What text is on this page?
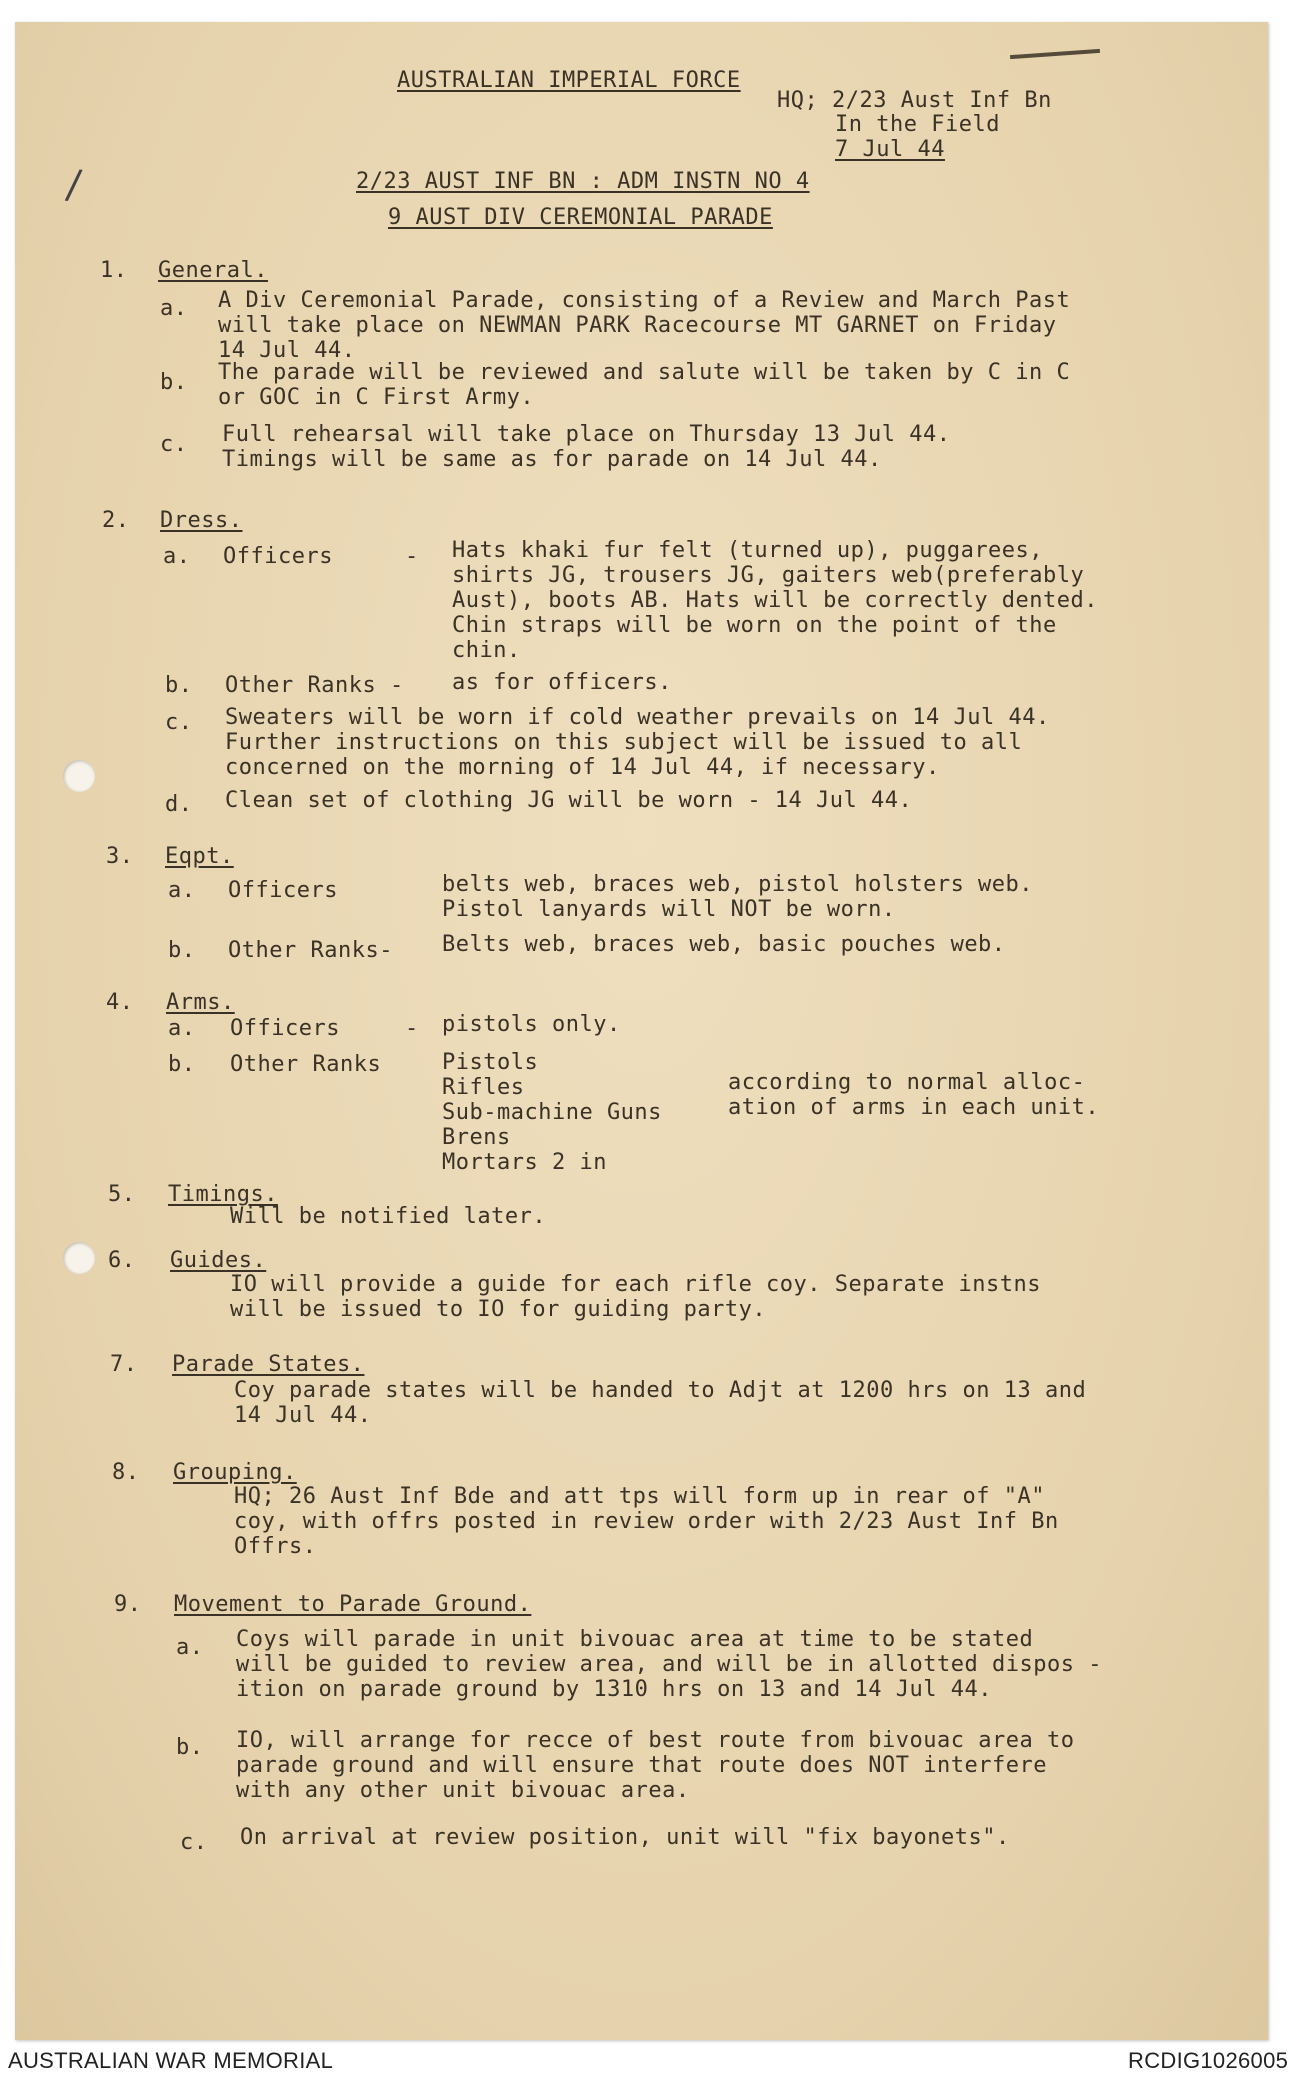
/
AUSTRALIAN IMPERIAL FORCE
HQ; 2/23 Aust Inf Bn
In the Field
7 Jul 44
2/23 AUST INF BN : ADM INSTN NO 4
9 AUST DIV CEREMONIAL PARADE
1. General.
a. A Div Ceremonial Parade, consisting of a Review and March Past
will take place on NEWMAN PARK Racecourse MT GARNET on Friday
14 Jul 44.
b. The parade will be reviewed and salute will be taken by C in C
or GOC in C First Army.
c. Full rehearsal will take place on Thursday 13 Jul 44.
Timings will be same as for parade on 14 Jul 44.
2. Dress.
a. Officers	- Hats khaki fur felt (turned up), puggarees,
shirts JG, trousers JG, gaiters web(preferably
Aust), boots AB. Hats will be correctly dented.
Chin straps will be worn on the point of the
chin.
b. Other Ranks - as for officers.
c. Sweaters will be worn if cold weather prevails on 14 Jul 44.
Further instructions on this subject will be issued to all
concerned on the morning of 14 Jul 44, if necessary.
d. Clean set of clothing JG will be worn - 14 Jul 44.
3. Eqpt.
a. Officers	belts web, braces web, pistol holsters web.
Pistol lanyards will NOT be worn.
b. Other Ranks- Belts web, braces web, basic pouches web.
4. Arms.
a. Officers	- pistols only.
b. Other Ranks	Pistols
Rifles
Sub-machine Guns
Brens
Mortars 2 in
according to normal alloc-
ation of arms in each unit.
5. Timings.
Will be notified later.
6. Guides.
IO will provide a guide for each rifle coy. Separate instns
will be issued to IO for guiding party.
7. Parade States.
Coy parade states will be handed to Adjt at 1200 hrs on 13 and
14 Jul 44.
8. Grouping.
HQ; 26 Aust Inf Bde and att tps will form up in rear of "A"
coy, with offrs posted in review order with 2/23 Aust Inf Bn
Offrs.
9. Movement to Parade Ground.
a. Coys will parade in unit bivouac area at time to be stated
will be guided to review area, and will be in allotted dispos -
ition on parade ground by 1310 hrs on 13 and 14 Jul 44.
b. IO, will arrange for recce of best route from bivouac area to
parade ground and will ensure that route does NOT interfere
with any other unit bivouac area.
c. On arrival at review position, unit will "fix bayonets".
AUSTRALIAN WAR MEMORIAL	RCDIG1026005
